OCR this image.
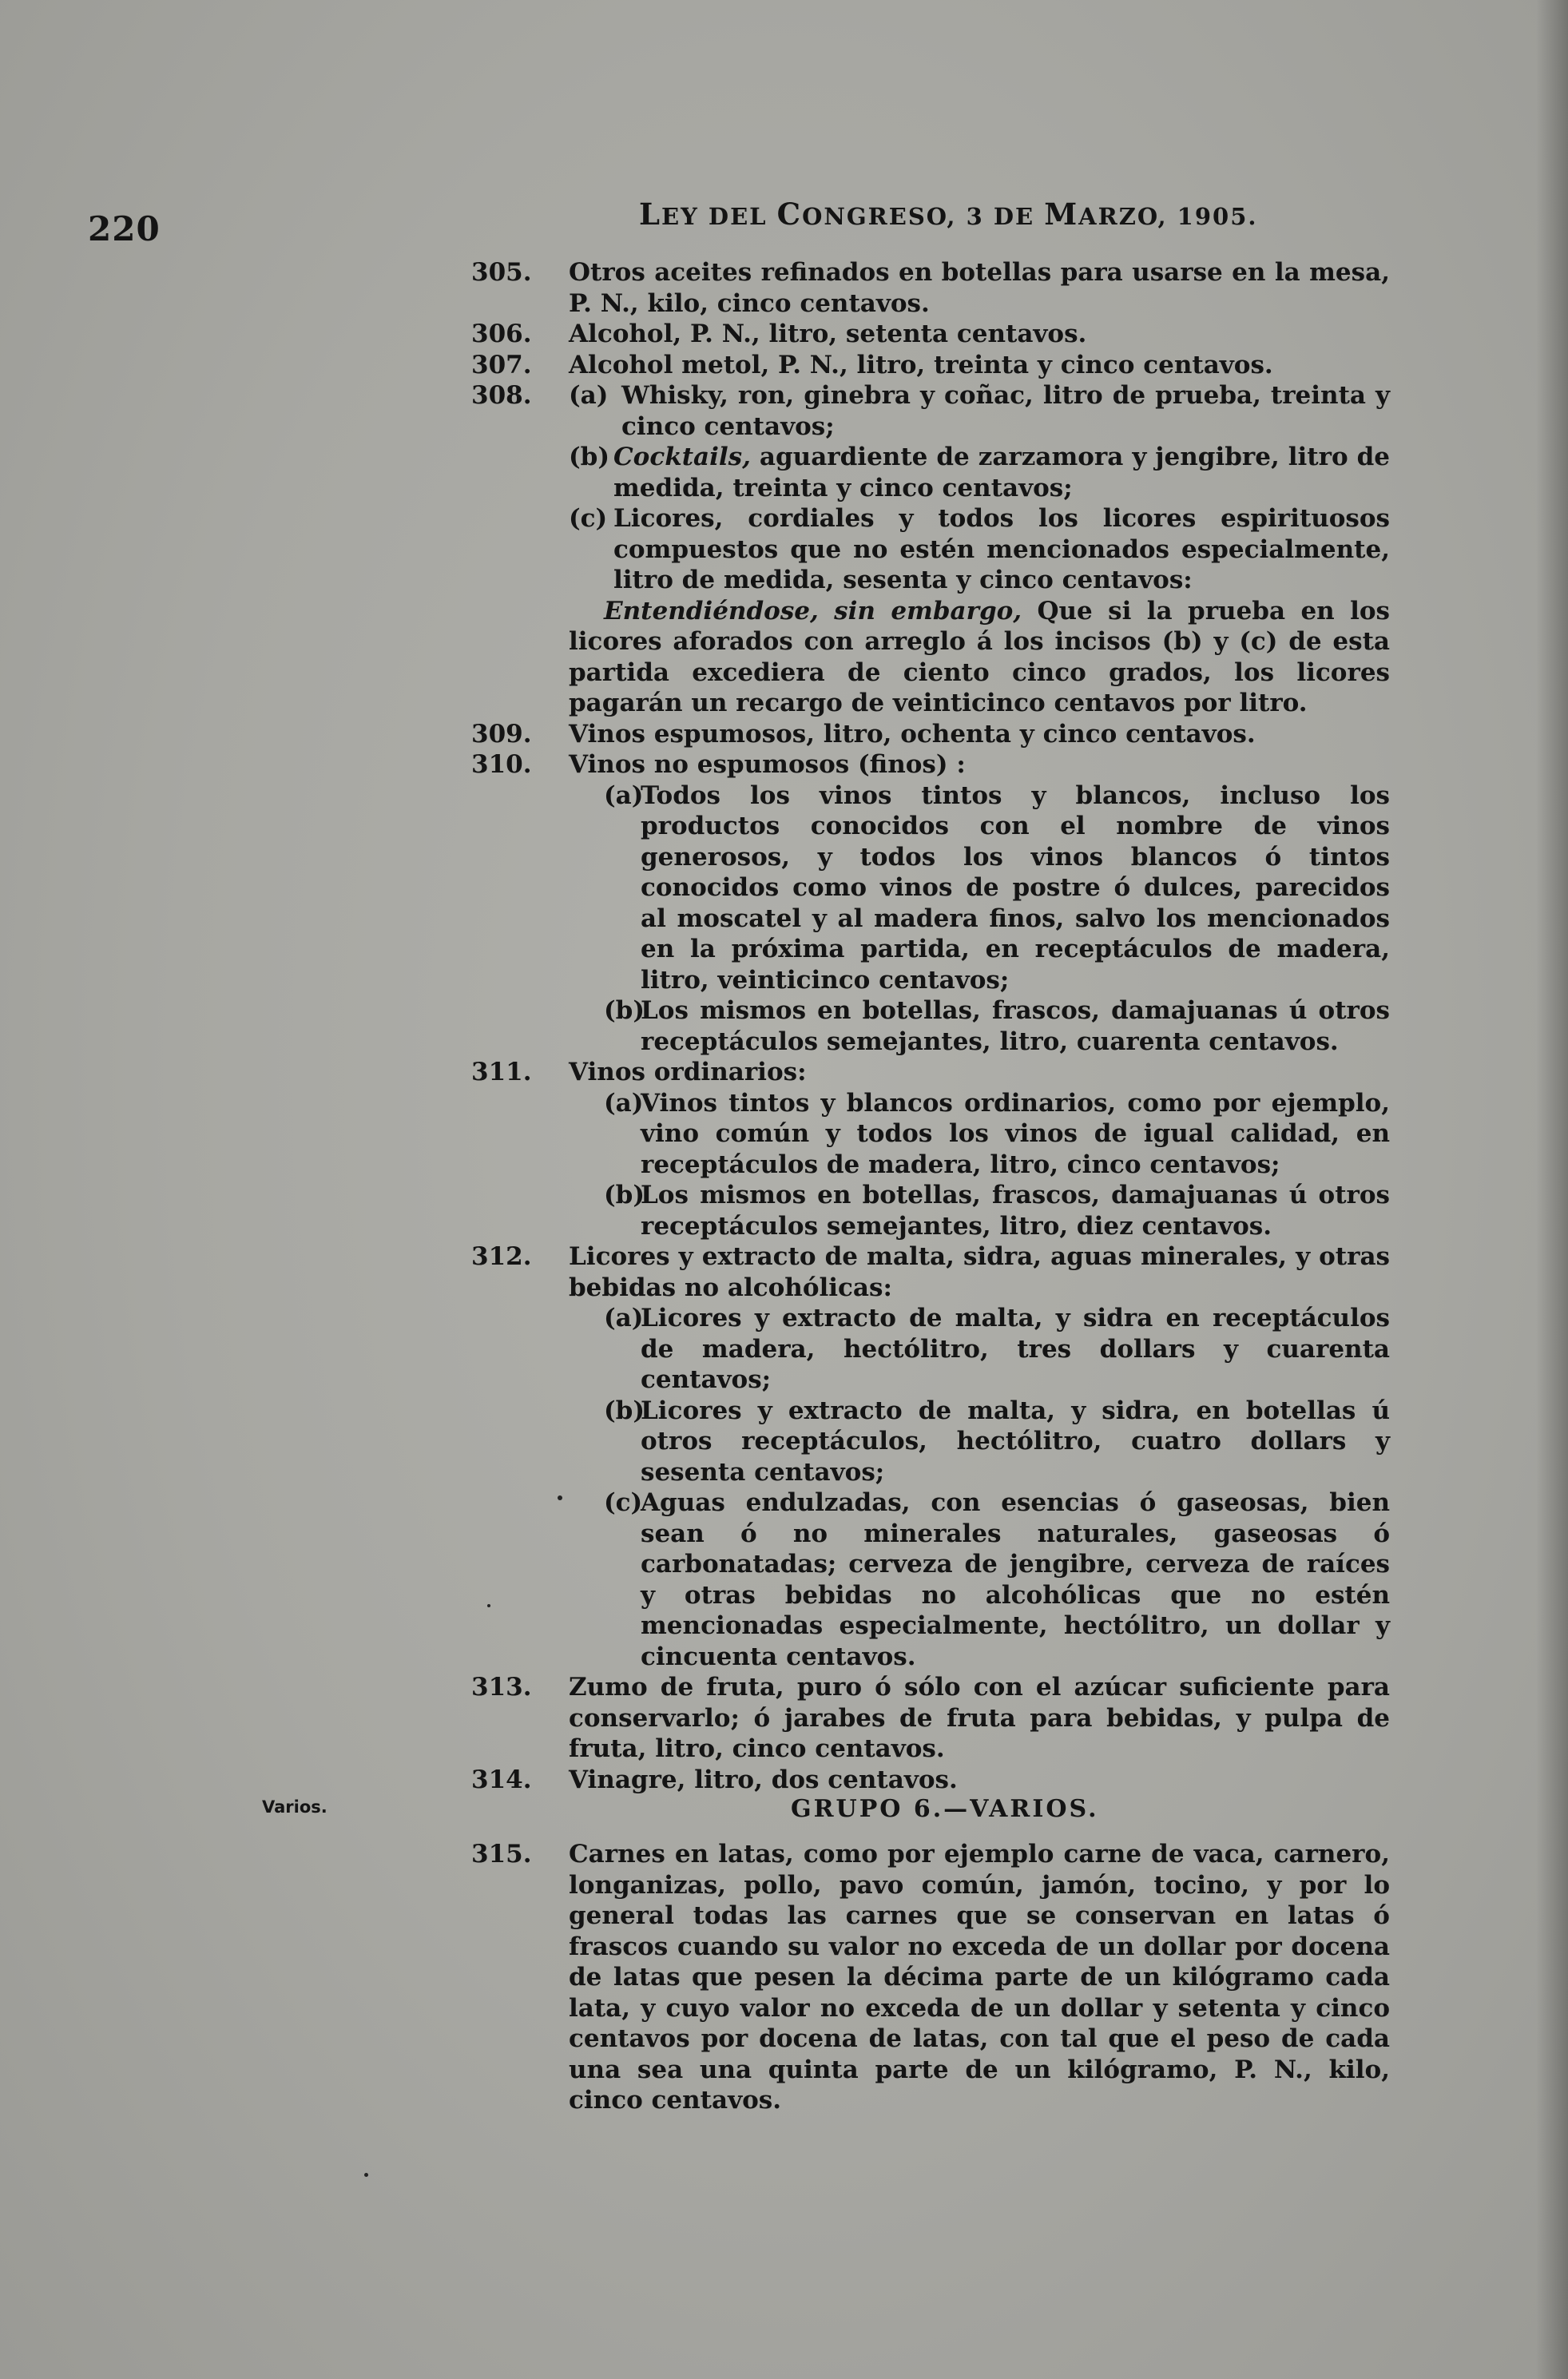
220	LEY DEL CONGRESO, 3 DE MARZO, 1905.
305. Otros aceites refinados en botellas para usarse en la mesa, P. N., kilo, cinco centavos.
306. Alcohol, P. N., litro, setenta centavos.
307. Alcohol metol, P. N., litro, treinta y cinco centavos.
308. (a) Whisky, ron, ginebra y coñac, litro de prueba, treinta y cinco centavos;
(b) Cocktails, aguardiente de zarzamora y jengibre, litro de medida, treinta y cinco centavos;
(c) Licores, cordiales y todos los licores espirituosos compuestos que no estén mencionados especialmente, litro de medida, sesenta y cinco centavos:
Entendiéndose, sin embargo, Que si la prueba en los licores aforados con arreglo á los incisos (b) y (c) de esta partida excediera de ciento cinco grados, los licores pagarán un recargo de veinticinco centavos por litro.
309. Vinos espumosos, litro, ochenta y cinco centavos.
310. Vinos no espumosos (finos) :
(a)
Todos los vinos tintos y blancos, incluso los productos conocidos con el nombre de vinos generosos, y todos los vinos blancos ó tintos conocidos como vinos de postre ó dulces, parecidos al moscatel y al madera finos, salvo los mencionados en la próxima partida, en receptáculos de madera, litro, veinticinco centavos;
(b)
Los mismos en botellas, frascos, damajuanas ú otros receptáculos semejantes, litro, cuarenta centavos.
311. Vinos ordinarios:
(a)
Vinos tintos y blancos ordinarios, como por ejemplo, vino común y todos los vinos de igual calidad, en receptáculos de madera, litro, cinco centavos;
(b)
Los mismos en botellas, frascos, damajuanas ú otros receptáculos semejantes, litro, diez centavos.
312. Licores y extracto de malta, sidra, aguas minerales, y otras bebidas no alcohólicas:
(a)
Licores y extracto de malta, y sidra en receptáculos de madera, hectólitro, tres dollars y cuarenta centavos;
(b)
Licores y extracto de malta, y sidra, en botellas ú otros receptáculos, hectólitro, cuatro dollars y sesenta centavos;
(c)
Aguas endulzadas, con esencias ó gaseosas, bien sean ó no minerales naturales, gaseosas ó carbonatadas; cerveza de jengibre, cerveza de raíces y otras bebidas no alcohólicas que no estén mencionadas especialmente, hectólitro, un dollar y cincuenta centavos.
313. Zumo de fruta, puro ó sólo con el azúcar suficiente para conservarlo; ó jarabes de fruta para bebidas, y pulpa de fruta, litro, cinco centavos.
314. Vinagre, litro, dos centavos.
Varios.	GRUPO 6.—VARIOS.
315. Carnes en latas, como por ejemplo carne de vaca, carnero, longanizas, pollo, pavo común, jamón, tocino, y por lo general todas las carnes que se conservan en latas ó frascos cuando su valor no exceda de un dollar por docena de latas que pesen la décima parte de un kilógramo cada lata, y cuyo valor no exceda de un dollar y setenta y cinco centavos por docena de latas, con tal que el peso de cada una sea una quinta parte de un kilógramo, P. N., kilo, cinco centavos.
